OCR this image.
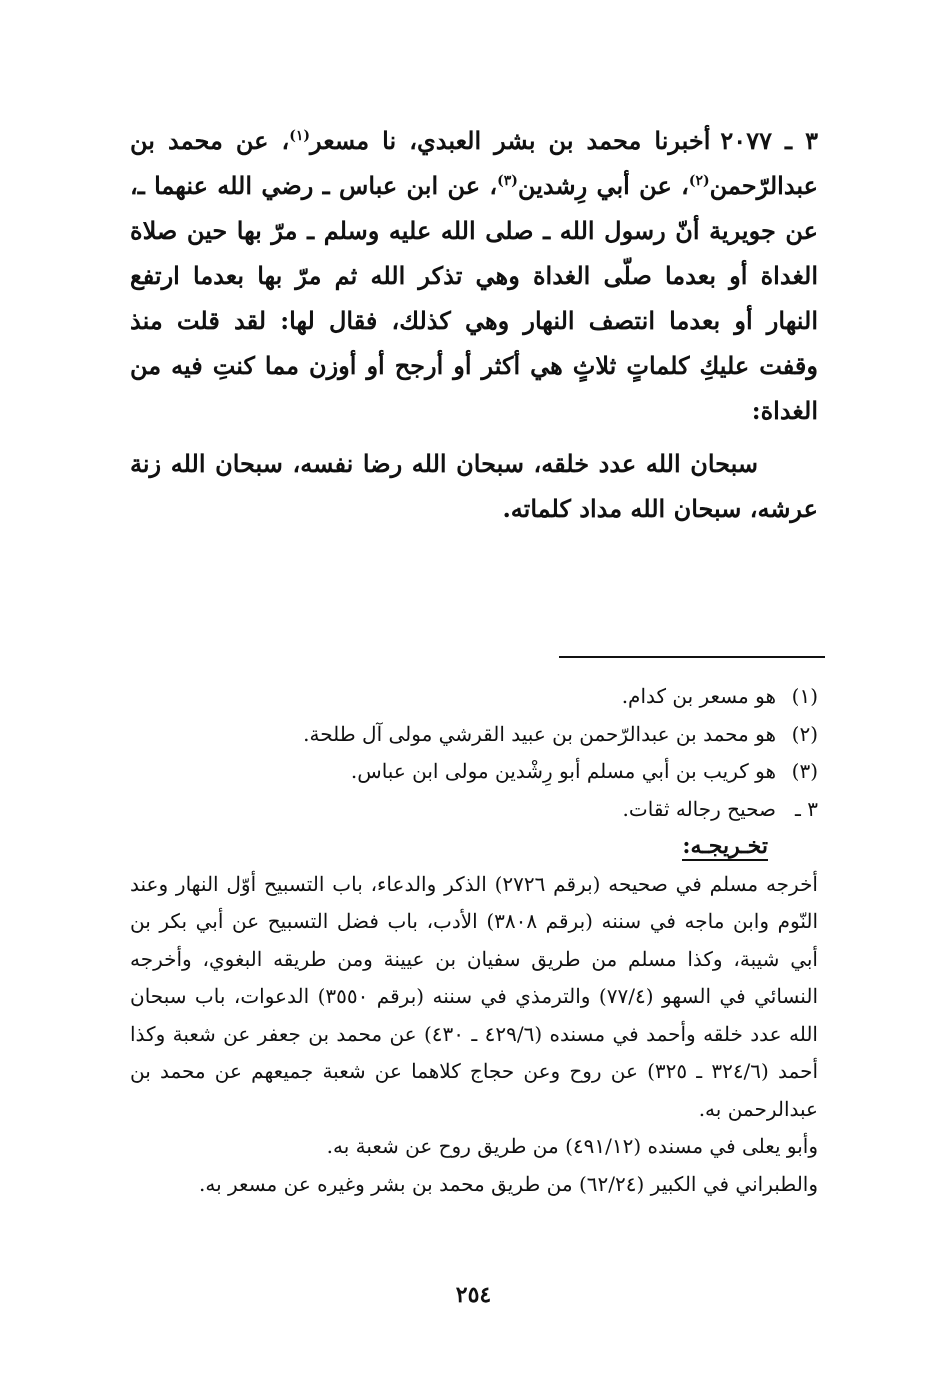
٣ ـ ٢٠٧٧أخبرنا محمد بن بشر العبدي، نا مسعر$^{(١)}$، عن محمد بن عبدالرّحمن$^{(٢)}$، عن أبي رِشدين$^{(٣)}$، عن ابن عباس ـ رضي الله عنهما ـ، عن جويرية أنّ رسول الله ـ صلى الله عليه وسلم ـ مرّ بها حين صلاة الغداة أو بعدما صلّى الغداة وهي تذكر الله ثم مرّ بها بعدما ارتفع النهار أو بعدما انتصف النهار وهي كذلك، فقال لها: لقد قلت منذ وقفت عليكِ كلماتٍ ثلاثٍ هي أكثر أو أرجح أو أوزن مما كنتِ فيه من الغداة:

سبحان الله عدد خلقه، سبحان الله رضا نفسه، سبحان الله زنة عرشه، سبحان الله مداد كلماته.

(١)هو مسعر بن كدام.

(٢)هو محمد بن عبدالرّحمن بن عبيد القرشي مولى آل طلحة.

(٣)هو كريب بن أبي مسلم أبو رِشْدين مولى ابن عباس.

٣ ـصحيح رجاله ثقات.

تخـريجـه:

أخرجه مسلم في صحيحه (برقم ٢٧٢٦) الذكر والدعاء، باب التسبيح أوّل النهار وعند النّوم وابن ماجه في سننه (برقم ٣٨٠٨) الأدب، باب فضل التسبيح عن أبي بكر بن أبي شيبة، وكذا مسلم من طريق سفيان بن عيينة ومن طريقه البغوي، وأخرجه النسائي في السهو (٧٧/٤) والترمذي في سننه (برقم ٣٥٥٠) الدعوات، باب سبحان الله عدد خلقه وأحمد في مسنده (٤٢٩/٦ ـ ٤٣٠) عن محمد بن جعفر عن شعبة وكذا أحمد (٣٢٤/٦ ـ ٣٢٥) عن روح وعن حجاج كلاهما عن شعبة جميعهم عن محمد بن عبدالرحمن به.

وأبو يعلى في مسنده (٤٩١/١٢) من طريق روح عن شعبة به.

والطبراني في الكبير (٦٢/٢٤) من طريق محمد بن بشر وغيره عن مسعر به.

٢٥٤
